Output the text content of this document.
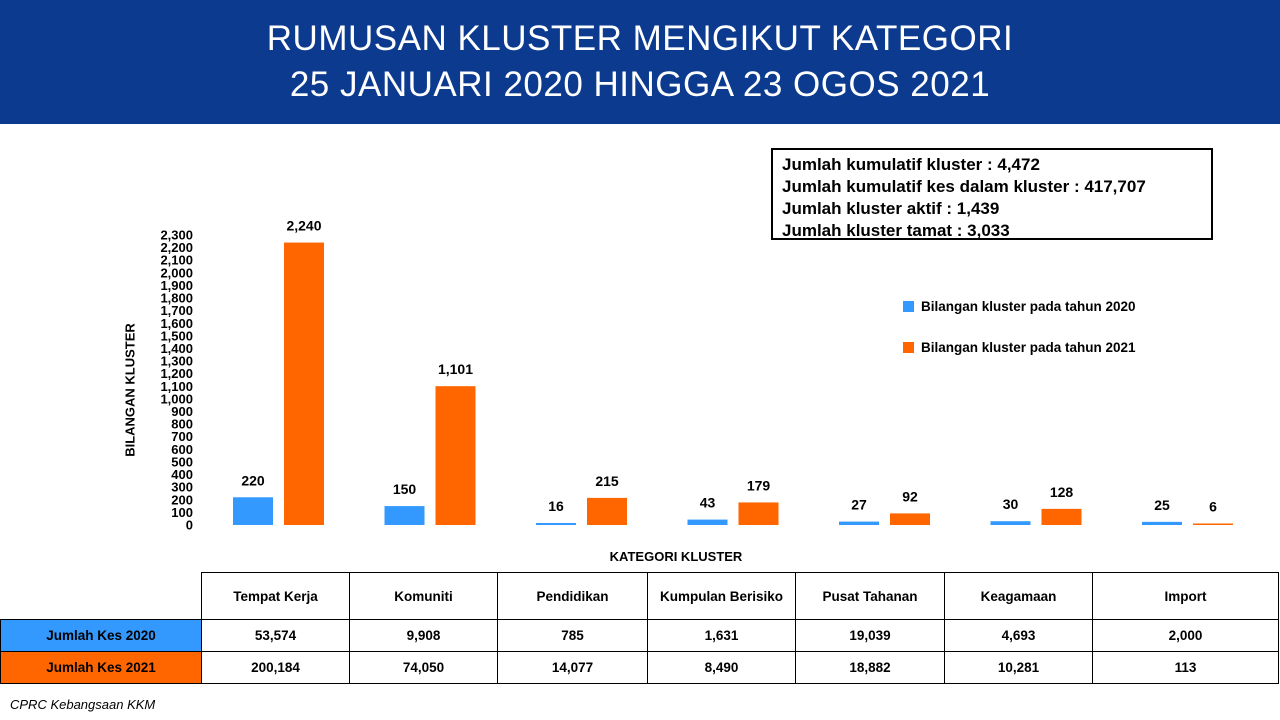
RUMUSAN KLUSTER MENGIKUT KATEGORI
25 JANUARI 2020 HINGGA 23 OGOS 2021
Jumlah kumulatif kluster : 4,472
Jumlah kumulatif kes dalam kluster : 417,707
Jumlah kluster aktif : 1,439
Jumlah kluster tamat : 3,033
Bilangan kluster pada tahun 2020
Bilangan kluster pada tahun 2021
BILANGAN KLUSTER
KATEGORI KLUSTER
0
100
200
300
400
500
600
700
800
900
1,000
1,100
1,200
1,300
1,400
1,500
1,600
1,700
1,800
1,900
2,000
2,100
2,200
2,300
220
2,240
150
1,101
16
215
43
179
27
92	30
128
25	6
	Tempat Kerja	Komuniti	Pendidikan	Kumpulan Berisiko	Pusat Tahanan	Keagamaan	Import
Jumlah Kes 2020	53,574	9,908	785	1,631	19,039	4,693	2,000
Jumlah Kes 2021	200,184	74,050	14,077	8,490	18,882	10,281	113
CPRC Kebangsaan KKM
